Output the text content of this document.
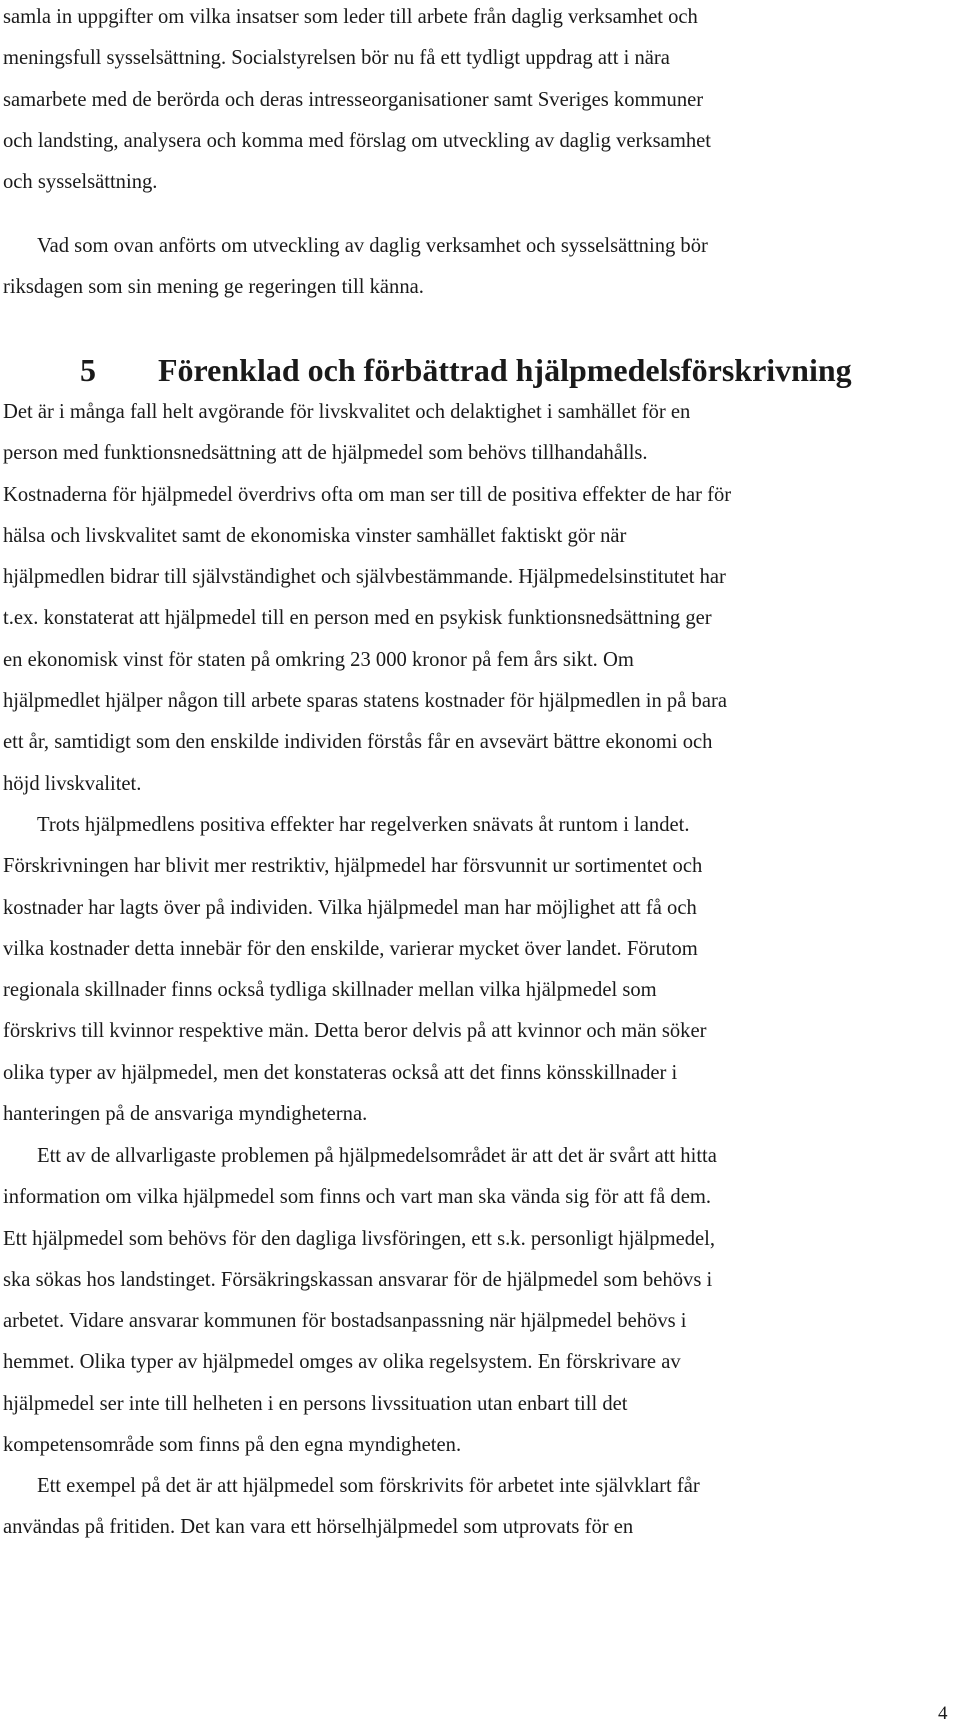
samla in uppgifter om vilka insatser som leder till arbete från daglig verksamhet och

meningsfull sysselsättning. Socialstyrelsen bör nu få ett tydligt uppdrag att i nära

samarbete med de berörda och deras intresseorganisationer samt Sveriges kommuner

och landsting, analysera och komma med förslag om utveckling av daglig verksamhet

och sysselsättning.

Vad som ovan anförts om utveckling av daglig verksamhet och sysselsättning bör

riksdagen som sin mening ge regeringen till känna.

5 Förenklad och förbättrad hjälpmedelsförskrivning

Det är i många fall helt avgörande för livskvalitet och delaktighet i samhället för en

person med funktionsnedsättning att de hjälpmedel som behövs tillhandahålls.

Kostnaderna för hjälpmedel överdrivs ofta om man ser till de positiva effekter de har för

hälsa och livskvalitet samt de ekonomiska vinster samhället faktiskt gör när

hjälpmedlen bidrar till självständighet och självbestämmande. Hjälpmedelsinstitutet har

t.ex. konstaterat att hjälpmedel till en person med en psykisk funktionsnedsättning ger

en ekonomisk vinst för staten på omkring 23 000 kronor på fem års sikt. Om

hjälpmedlet hjälper någon till arbete sparas statens kostnader för hjälpmedlen in på bara

ett år, samtidigt som den enskilde individen förstås får en avsevärt bättre ekonomi och

höjd livskvalitet.

Trots hjälpmedlens positiva effekter har regelverken snävats åt runtom i landet.

Förskrivningen har blivit mer restriktiv, hjälpmedel har försvunnit ur sortimentet och

kostnader har lagts över på individen. Vilka hjälpmedel man har möjlighet att få och

vilka kostnader detta innebär för den enskilde, varierar mycket över landet. Förutom

regionala skillnader finns också tydliga skillnader mellan vilka hjälpmedel som

förskrivs till kvinnor respektive män. Detta beror delvis på att kvinnor och män söker

olika typer av hjälpmedel, men det konstateras också att det finns könsskillnader i

hanteringen på de ansvariga myndigheterna.

Ett av de allvarligaste problemen på hjälpmedelsområdet är att det är svårt att hitta

information om vilka hjälpmedel som finns och vart man ska vända sig för att få dem.

Ett hjälpmedel som behövs för den dagliga livsföringen, ett s.k. personligt hjälpmedel,

ska sökas hos landstinget. Försäkringskassan ansvarar för de hjälpmedel som behövs i

arbetet. Vidare ansvarar kommunen för bostadsanpassning när hjälpmedel behövs i

hemmet. Olika typer av hjälpmedel omges av olika regelsystem. En förskrivare av

hjälpmedel ser inte till helheten i en persons livssituation utan enbart till det

kompetensområde som finns på den egna myndigheten.

Ett exempel på det är att hjälpmedel som förskrivits för arbetet inte självklart får

användas på fritiden. Det kan vara ett hörselhjälpmedel som utprovats för en

4
